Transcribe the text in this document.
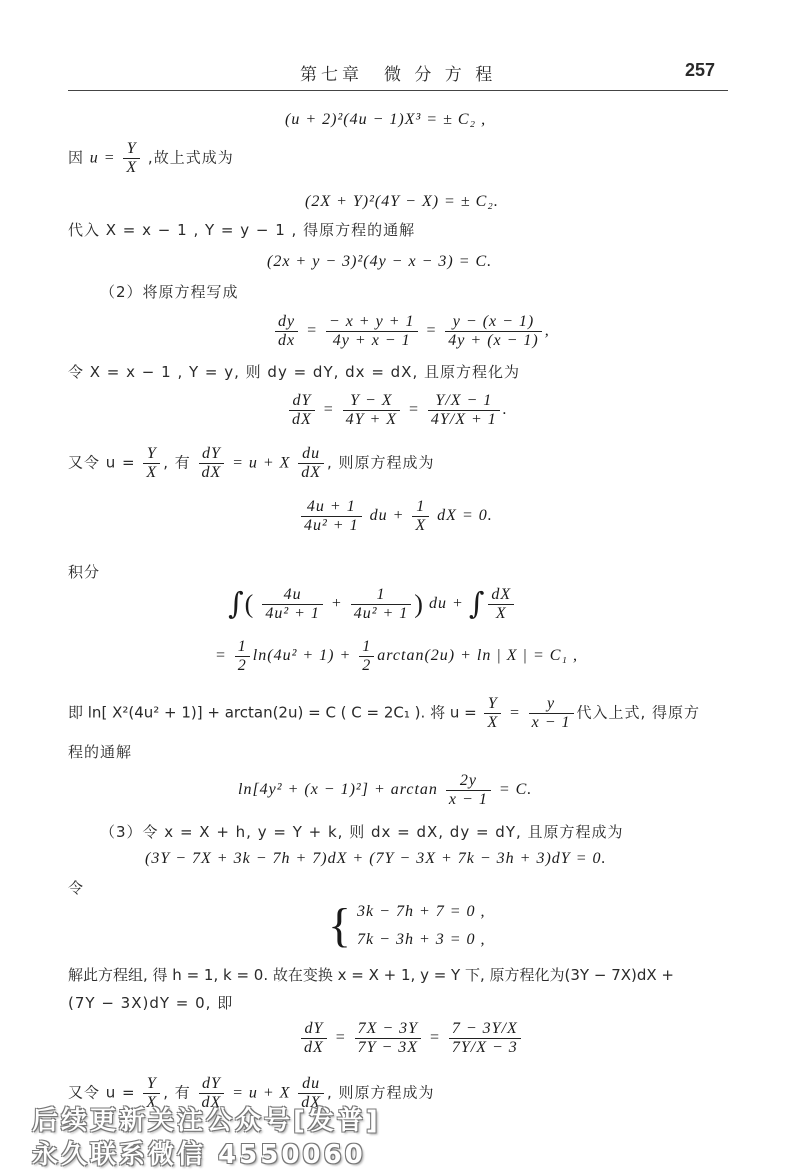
第七章　微 分 方 程	257
(u + 2)²(4u − 1)X³ = ± C₂ ,
因 $u = \frac{Y}{X}$ ,故上式成为
(2X + Y)²(4Y − X) = ± C₂.
代入 X = x − 1 , Y = y − 1 , 得原方程的通解
(2x + y − 3)²(4y − x − 3) = C.
（2）将原方程写成
$\frac{dy}{dx} = \frac{- x + y + 1}{4y + x - 1} = \frac{y - (x - 1)}{4y + (x - 1)}$ ,
令 X = x − 1 , Y = y, 则 dy = dY, dx = dX, 且原方程化为
$\frac{dY}{dX} = \frac{Y - X}{4Y + X} = \frac{Y/X - 1}{4Y/X + 1}$ .
又令 $u = \frac{Y}{X}$ , 有 $\frac{dY}{dX} = u + X \frac{du}{dX}$ , 则原方程成为
$\frac{4u + 1}{\text{4u² + 1}}$ du + $\frac{1}{X}$ dX = 0.
积分
∫( $\frac{4u}{\text{4u² + 1}} + \frac{1}{\text{4u² + 1}}$ ) du + ∫ $\frac{dX}{X}$
= $\frac{1}{2} \ln(4u^2 + 1) + \frac{1}{2} \arctan(2u) + \ln$ | X | = C₁ ,
即 ln[ X²(4u² + 1)] + arctan(2u) = C ( C = 2C₁ ). 将 $u = \frac{Y}{X} = \frac{y}{x - 1}$ 代入上式, 得原方
程的通解
$\ln[4y^2 + (x - 1)^2] + \arctan \frac{2y}{x - 1} = C$.
（3）令 x = X + h, y = Y + k, 则 dx = dX, dy = dY, 且原方程成为
(3Y − 7X + 3k − 7h + 7)dX + (7Y − 3X + 7k − 3h + 3)dY = 0.
令
{ 3k − 7h + 7 = 0 ,
7k − 3h + 3 = 0 ,
解此方程组, 得 h = 1, k = 0. 故在变换 x = X + 1, y = Y 下, 原方程化为(3Y − 7X)dX +
(7Y − 3X)dY = 0, 即
$\frac{dY}{dX} = \frac{7X - 3Y}{7Y - 3X} = \frac{7 - 3Y/X}{7Y/X - 3}$
又令 $u = \frac{Y}{X}$ , 有 $\frac{dY}{dX} = u + X \frac{du}{dX}$ , 则原方程成为
后续更新关注公众号[发普]
永久联系微信 4550060
